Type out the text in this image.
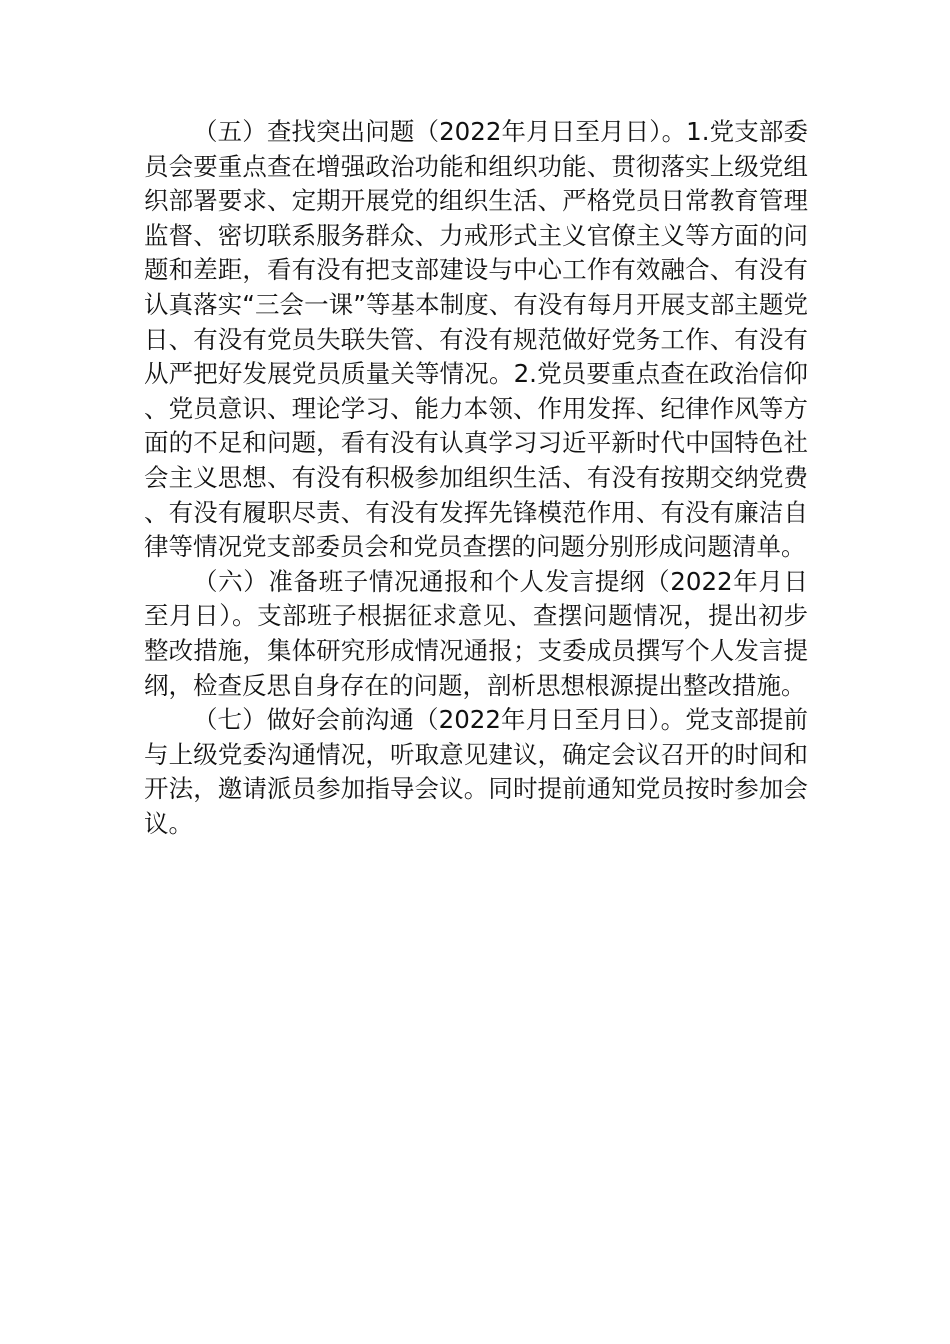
（五）查找突出问题（2022年月日至月日）。1.党支部委员会要重点查在增强政治功能和组织功能、贯彻落实上级党组织部署要求、定期开展党的组织生活、严格党员日常教育管理监督、密切联系服务群众、力戒形式主义官僚主义等方面的问题和差距，看有没有把支部建设与中心工作有效融合、有没有认真落实“三会一课”等基本制度、有没有每月开展支部主题党日、有没有党员失联失管、有没有规范做好党务工作、有没有从严把好发展党员质量关等情况。2.党员要重点查在政治信仰、党员意识、理论学习、能力本领、作用发挥、纪律作风等方面的不足和问题，看有没有认真学习习近平新时代中国特色社会主义思想、有没有积极参加组织生活、有没有按期交纳党费、有没有履职尽责、有没有发挥先锋模范作用、有没有廉洁自律等情况党支部委员会和党员查摆的问题分别形成问题清单。

（六）准备班子情况通报和个人发言提纲（2022年月日至月日）。支部班子根据征求意见、查摆问题情况，提出初步整改措施，集体研究形成情况通报；支委成员撰写个人发言提纲，检查反思自身存在的问题，剖析思想根源提出整改措施。

（七）做好会前沟通（2022年月日至月日）。党支部提前与上级党委沟通情况，听取意见建议，确定会议召开的时间和开法，邀请派员参加指导会议。同时提前通知党员按时参加会议。
